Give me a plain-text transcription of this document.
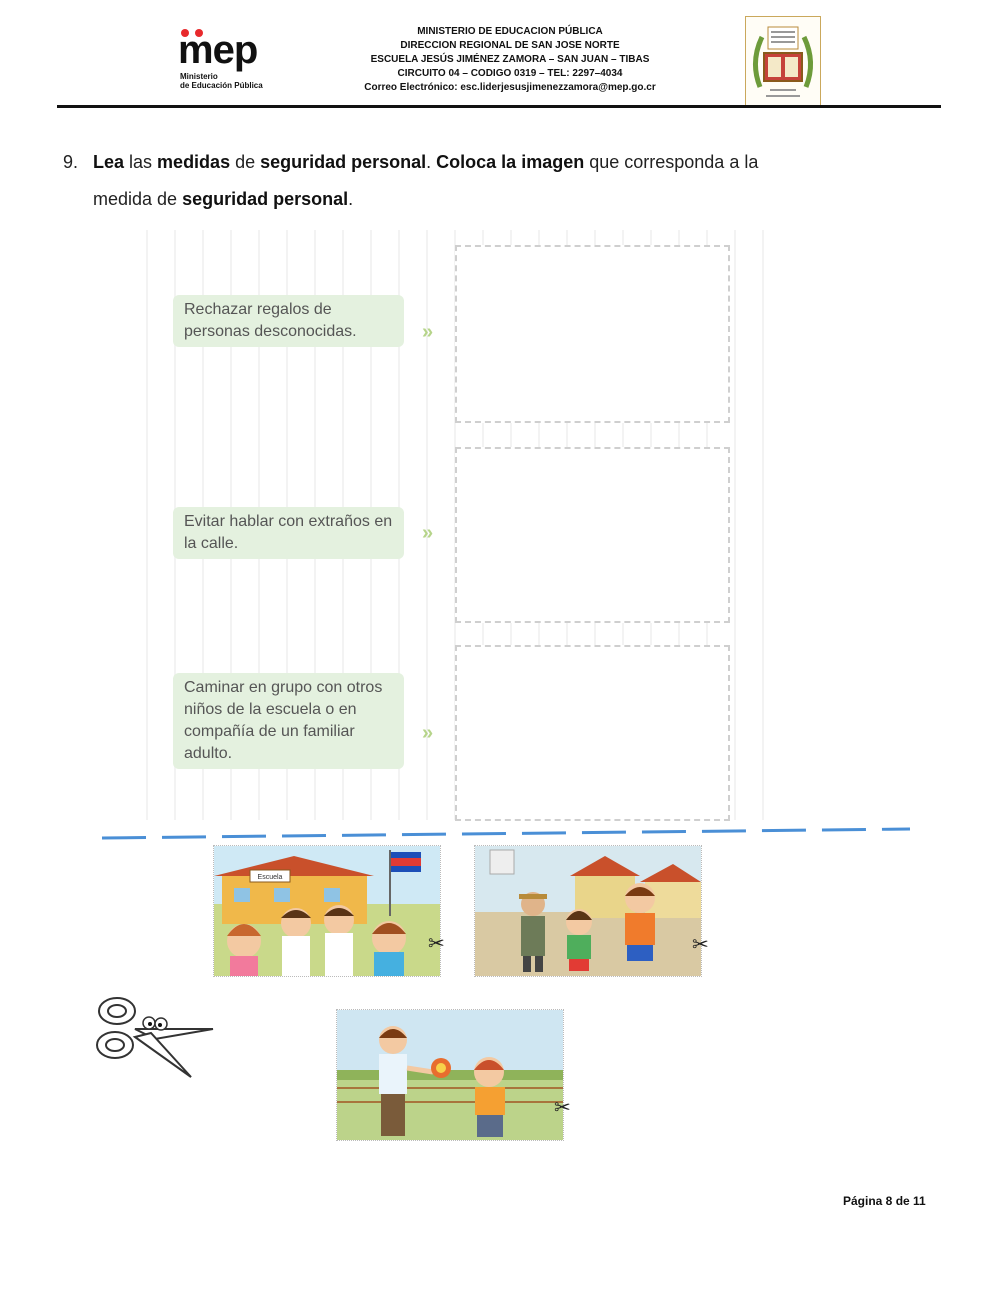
mep
Ministerio
de Educación Pública
MINISTERIO DE EDUCACION PÚBLICA
DIRECCION REGIONAL DE SAN JOSE NORTE
ESCUELA JESÚS JIMÉNEZ ZAMORA – SAN JUAN – TIBAS
CIRCUITO 04 – CODIGO 0319 – TEL: 2297–4034
Correo Electrónico: esc.liderjesusjimenezzamora@mep.go.cr
9. Lea las medidas de seguridad personal. Coloca la imagen que corresponda a la
medida de seguridad personal.
Rechazar regalos de personas desconocidas.	»
Evitar hablar con extraños en la calle.	»
Caminar en grupo con otros niños de la escuela o en compañía de un familiar adulto.
»
Escuela
✂	✂
✂
Página 8 de 11
